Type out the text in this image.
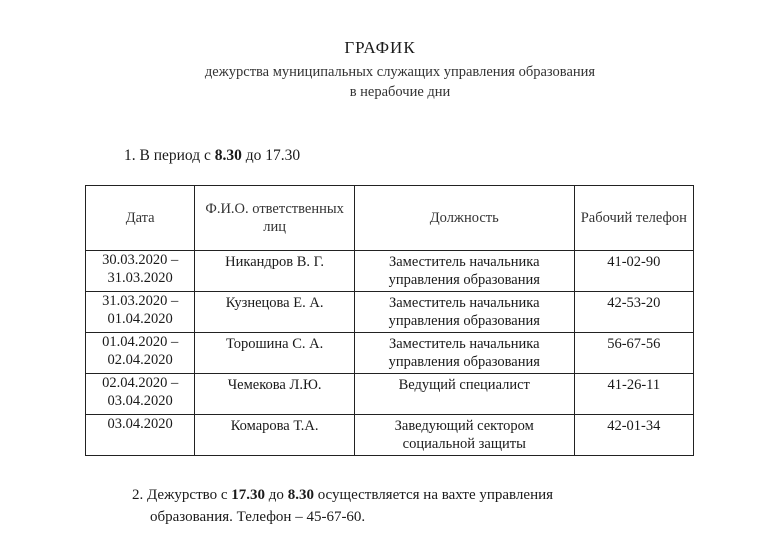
ГРАФИК
дежурства муниципальных служащих управления образования
в нерабочие дни
1. В период с 8.30 до 17.30
Дата	Ф.И.О. ответственных лиц	Должность	Рабочий телефон
30.03.2020 – 31.03.2020	Никандров В. Г.	Заместитель начальника управления образования	41-02-90
31.03.2020 – 01.04.2020	Кузнецова Е. А.	Заместитель начальника управления образования	42-53-20
01.04.2020 – 02.04.2020	Торошина С. А.	Заместитель начальника управления образования	56-67-56
02.04.2020 – 03.04.2020	Чемекова Л.Ю.	Ведущий специалист	41-26-11
03.04.2020	Комарова Т.А.	Заведующий сектором социальной защиты	42-01-34
2. Дежурство с 17.30 до 8.30 осуществляется на вахте управления
образования. Телефон – 45-67-60.
